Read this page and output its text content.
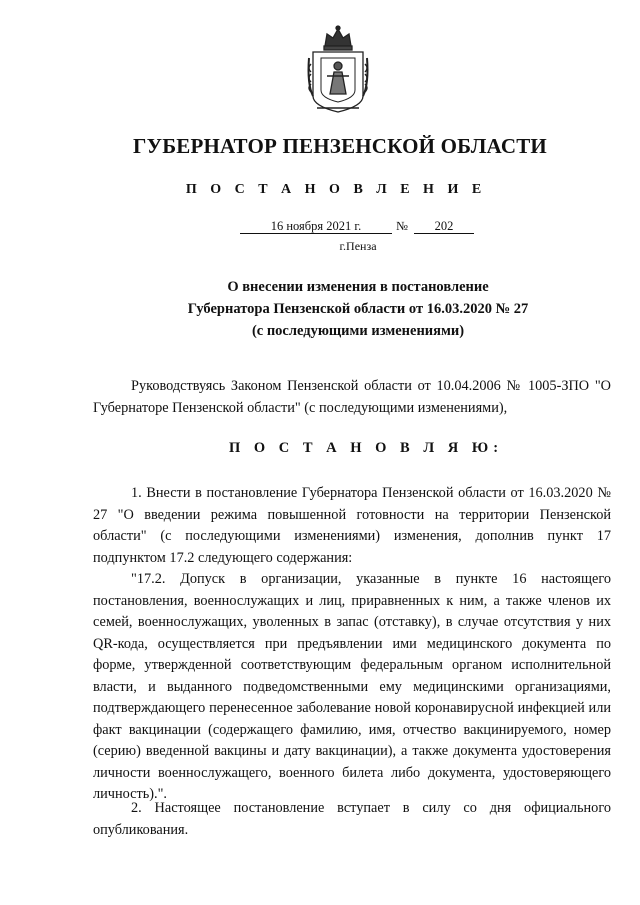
ГУБЕРНАТОР ПЕНЗЕНСКОЙ ОБЛАСТИ
П О С Т А Н О В Л Е Н И Е
16 ноября 2021 г.	№	202
г.Пенза
О внесении изменения в постановление
Губернатора Пензенской области от 16.03.2020 № 27
(с последующими изменениями)
Руководствуясь Законом Пензенской области от 10.04.2006 № 1005-ЗПО "О Губернаторе Пензенской области" (с последующими изменениями),
П О С Т А Н О В Л Я Ю:
1. Внести в постановление Губернатора Пензенской области от 16.03.2020 № 27 "О введении режима повышенной готовности на территории Пензенской области" (с последующими изменениями) изменения, дополнив пункт 17 подпунктом 17.2 следующего содержания:
"17.2. Допуск в организации, указанные в пункте 16 настоящего постановления, военнослужащих и лиц, приравненных к ним, а также членов их семей, военнослужащих, уволенных в запас (отставку), в случае отсутствия у них QR-кода, осуществляется при предъявлении ими медицинского документа по форме, утвержденной соответствующим федеральным органом исполнительной власти, и выданного подведомственными ему медицинскими организациями, подтверждающего перенесенное заболевание новой коронавирусной инфекцией или факт вакцинации (содержащего фамилию, имя, отчество вакцинируемого, номер (серию) введенной вакцины и дату вакцинации), а также документа удостоверения личности военнослужащего, военного билета либо документа, удостоверяющего личность).".
2. Настоящее постановление вступает в силу со дня официального опубликования.
